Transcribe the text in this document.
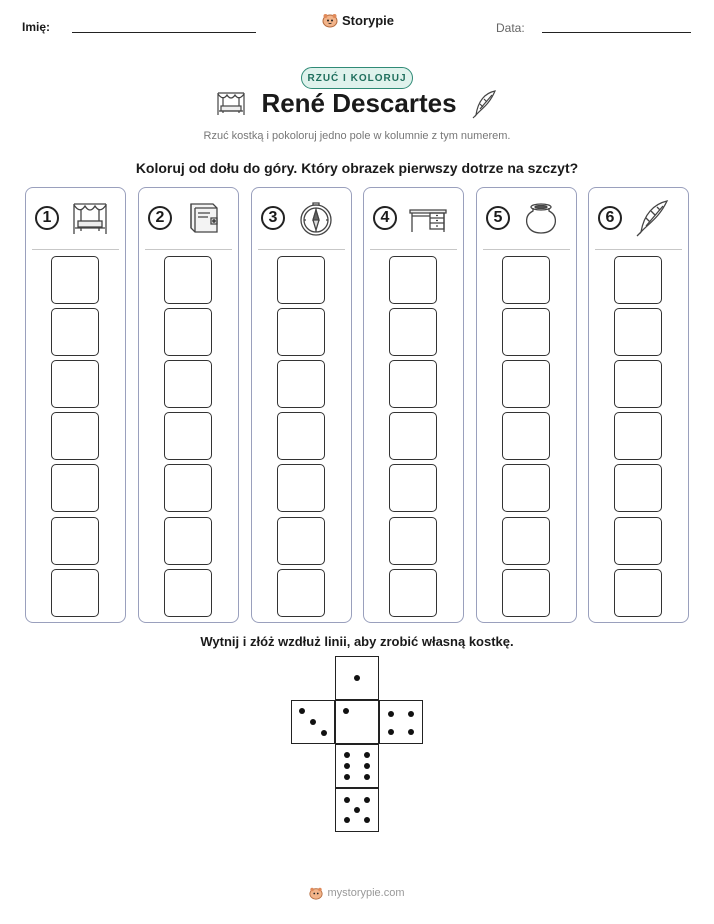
Imię:	Storypie
Data:
RZUĆ I KOLORUJ
René Descartes
Rzuć kostką i pokoloruj jedno pole w kolumnie z tym numerem.
Koloruj od dołu do góry. Który obrazek pierwszy dotrze na szczyt?
1	2	3	4	5	6
Wytnij i złóż wzdłuż linii, aby zrobić własną kostkę.
mystorypie.com
